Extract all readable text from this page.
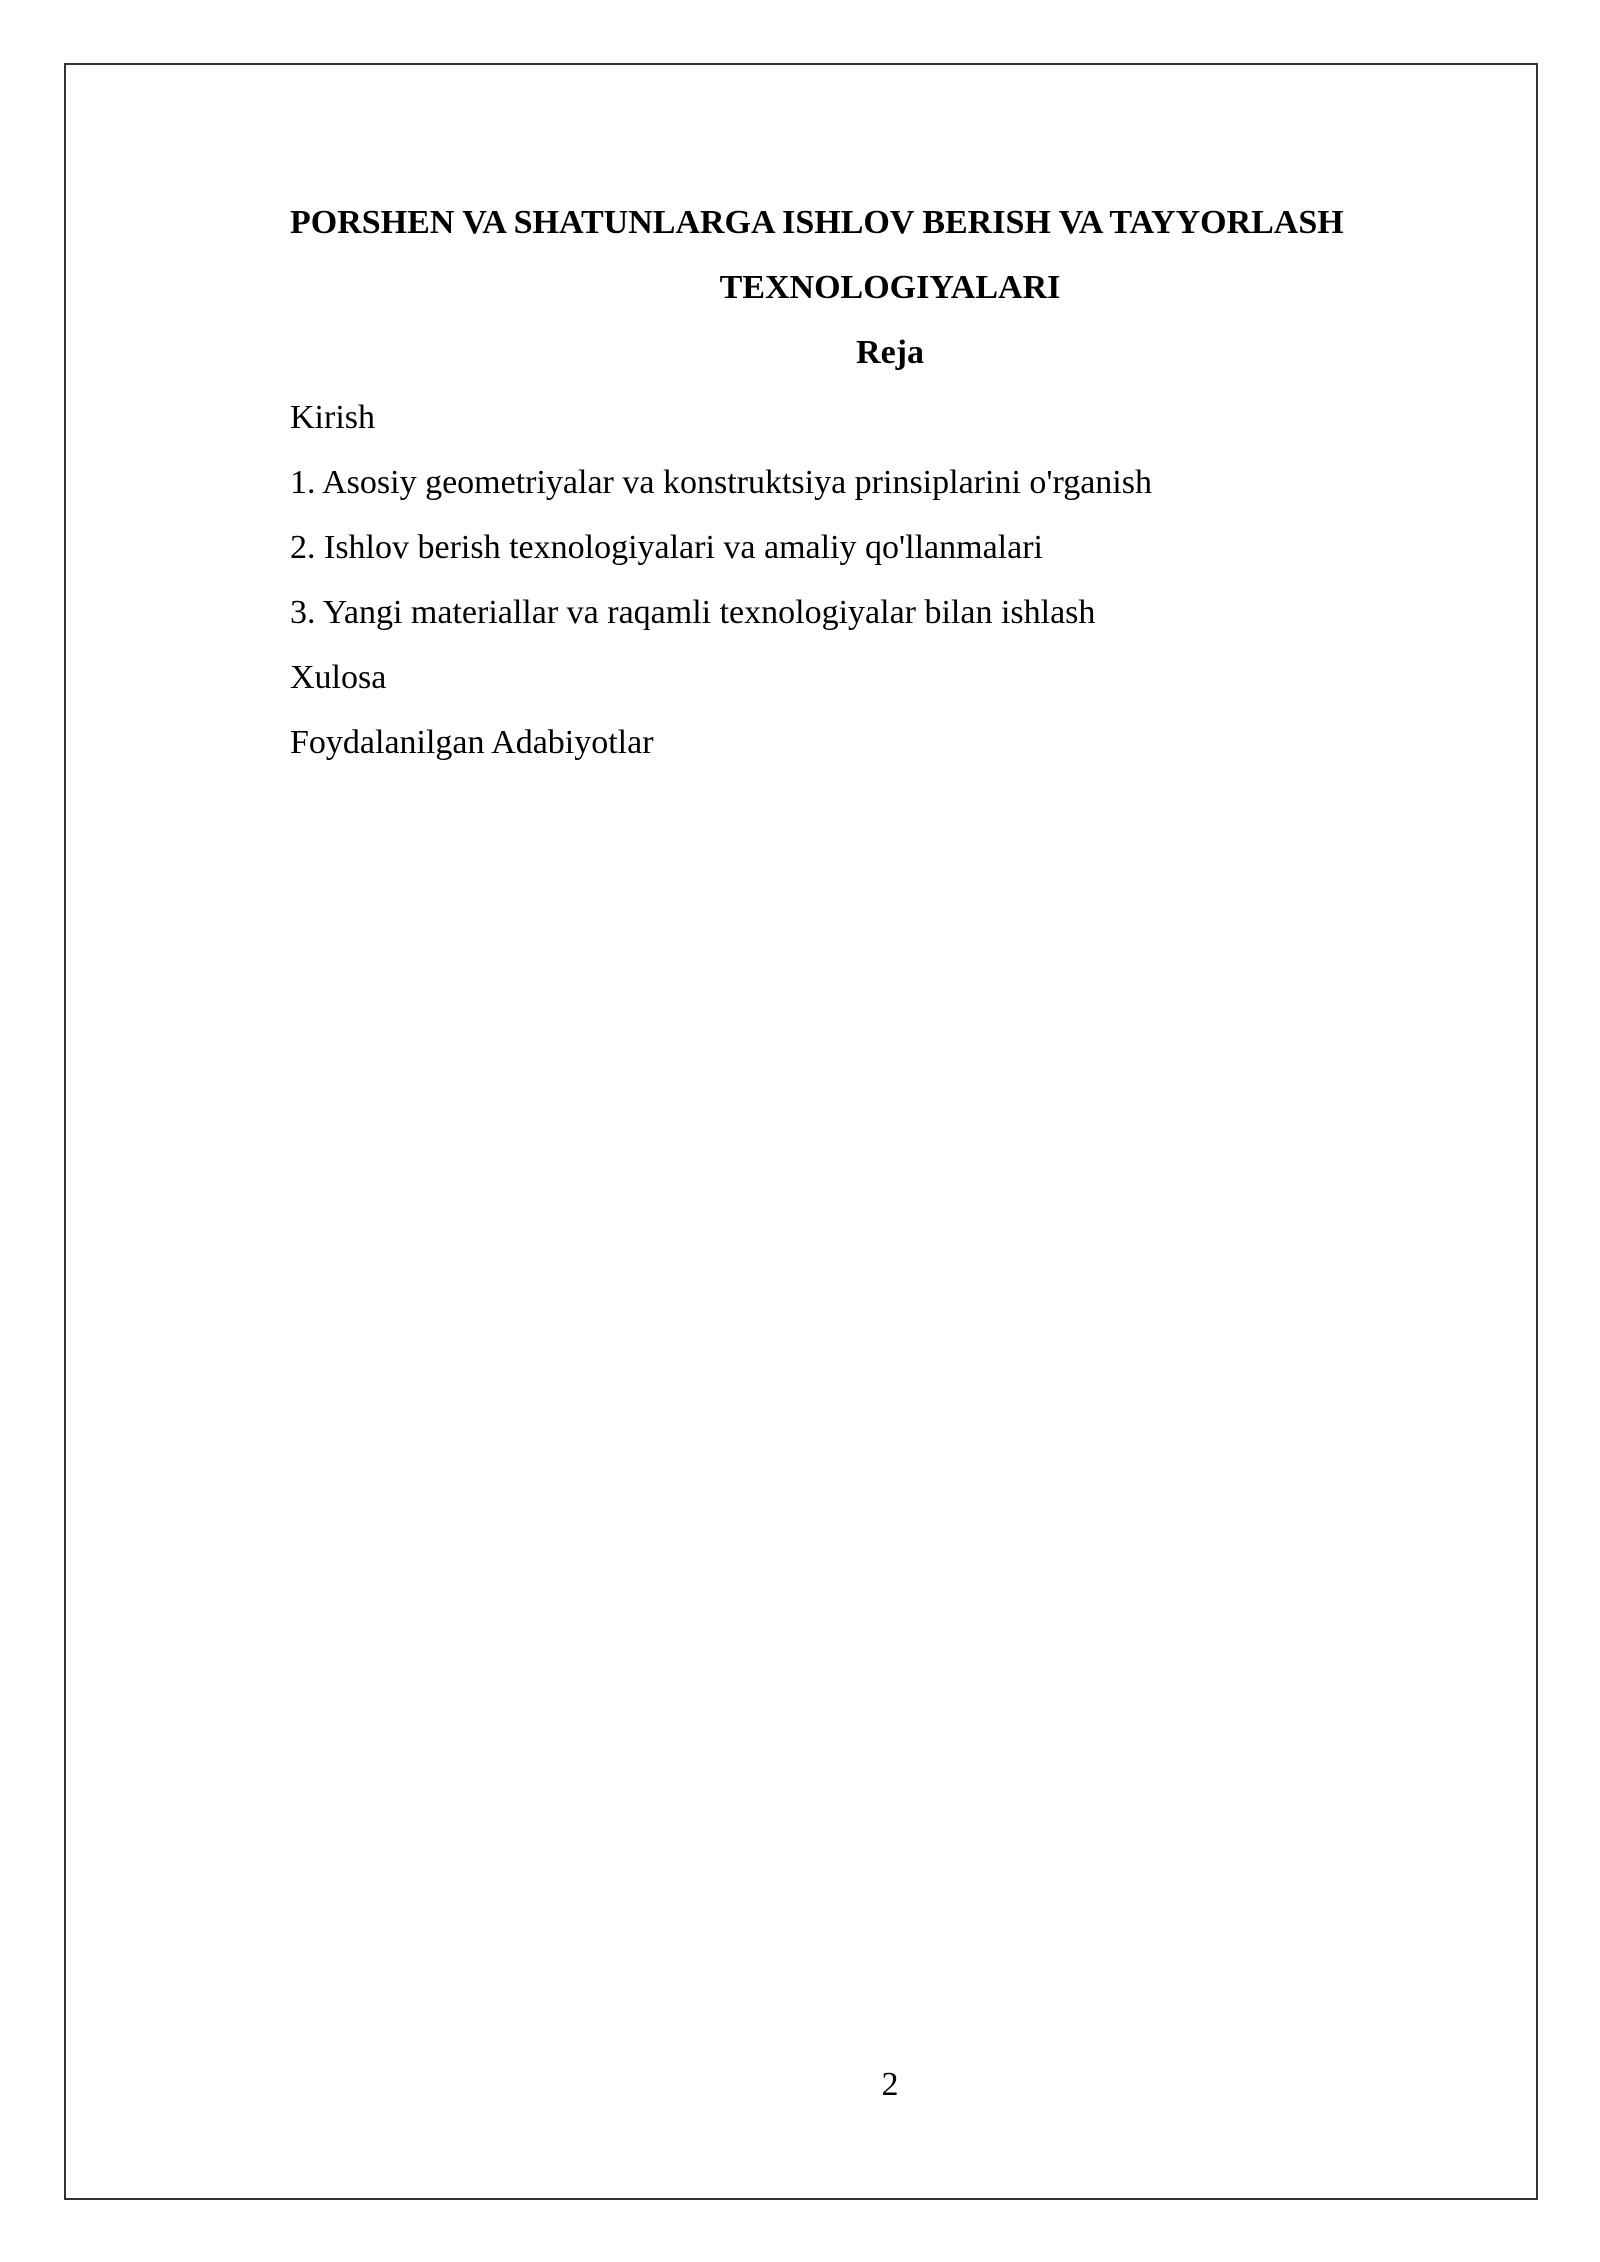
PORSHEN VA SHATUNLARGA ISHLOV BERISH VA TAYYORLASH
TEXNOLOGIYALARI
Reja
Kirish
1. Asosiy geometriyalar va konstruktsiya prinsiplarini o'rganish
2. Ishlov berish texnologiyalari va amaliy qo'llanmalari
3. Yangi materiallar va raqamli texnologiyalar bilan ishlash
Xulosa
Foydalanilgan Adabiyotlar
2
